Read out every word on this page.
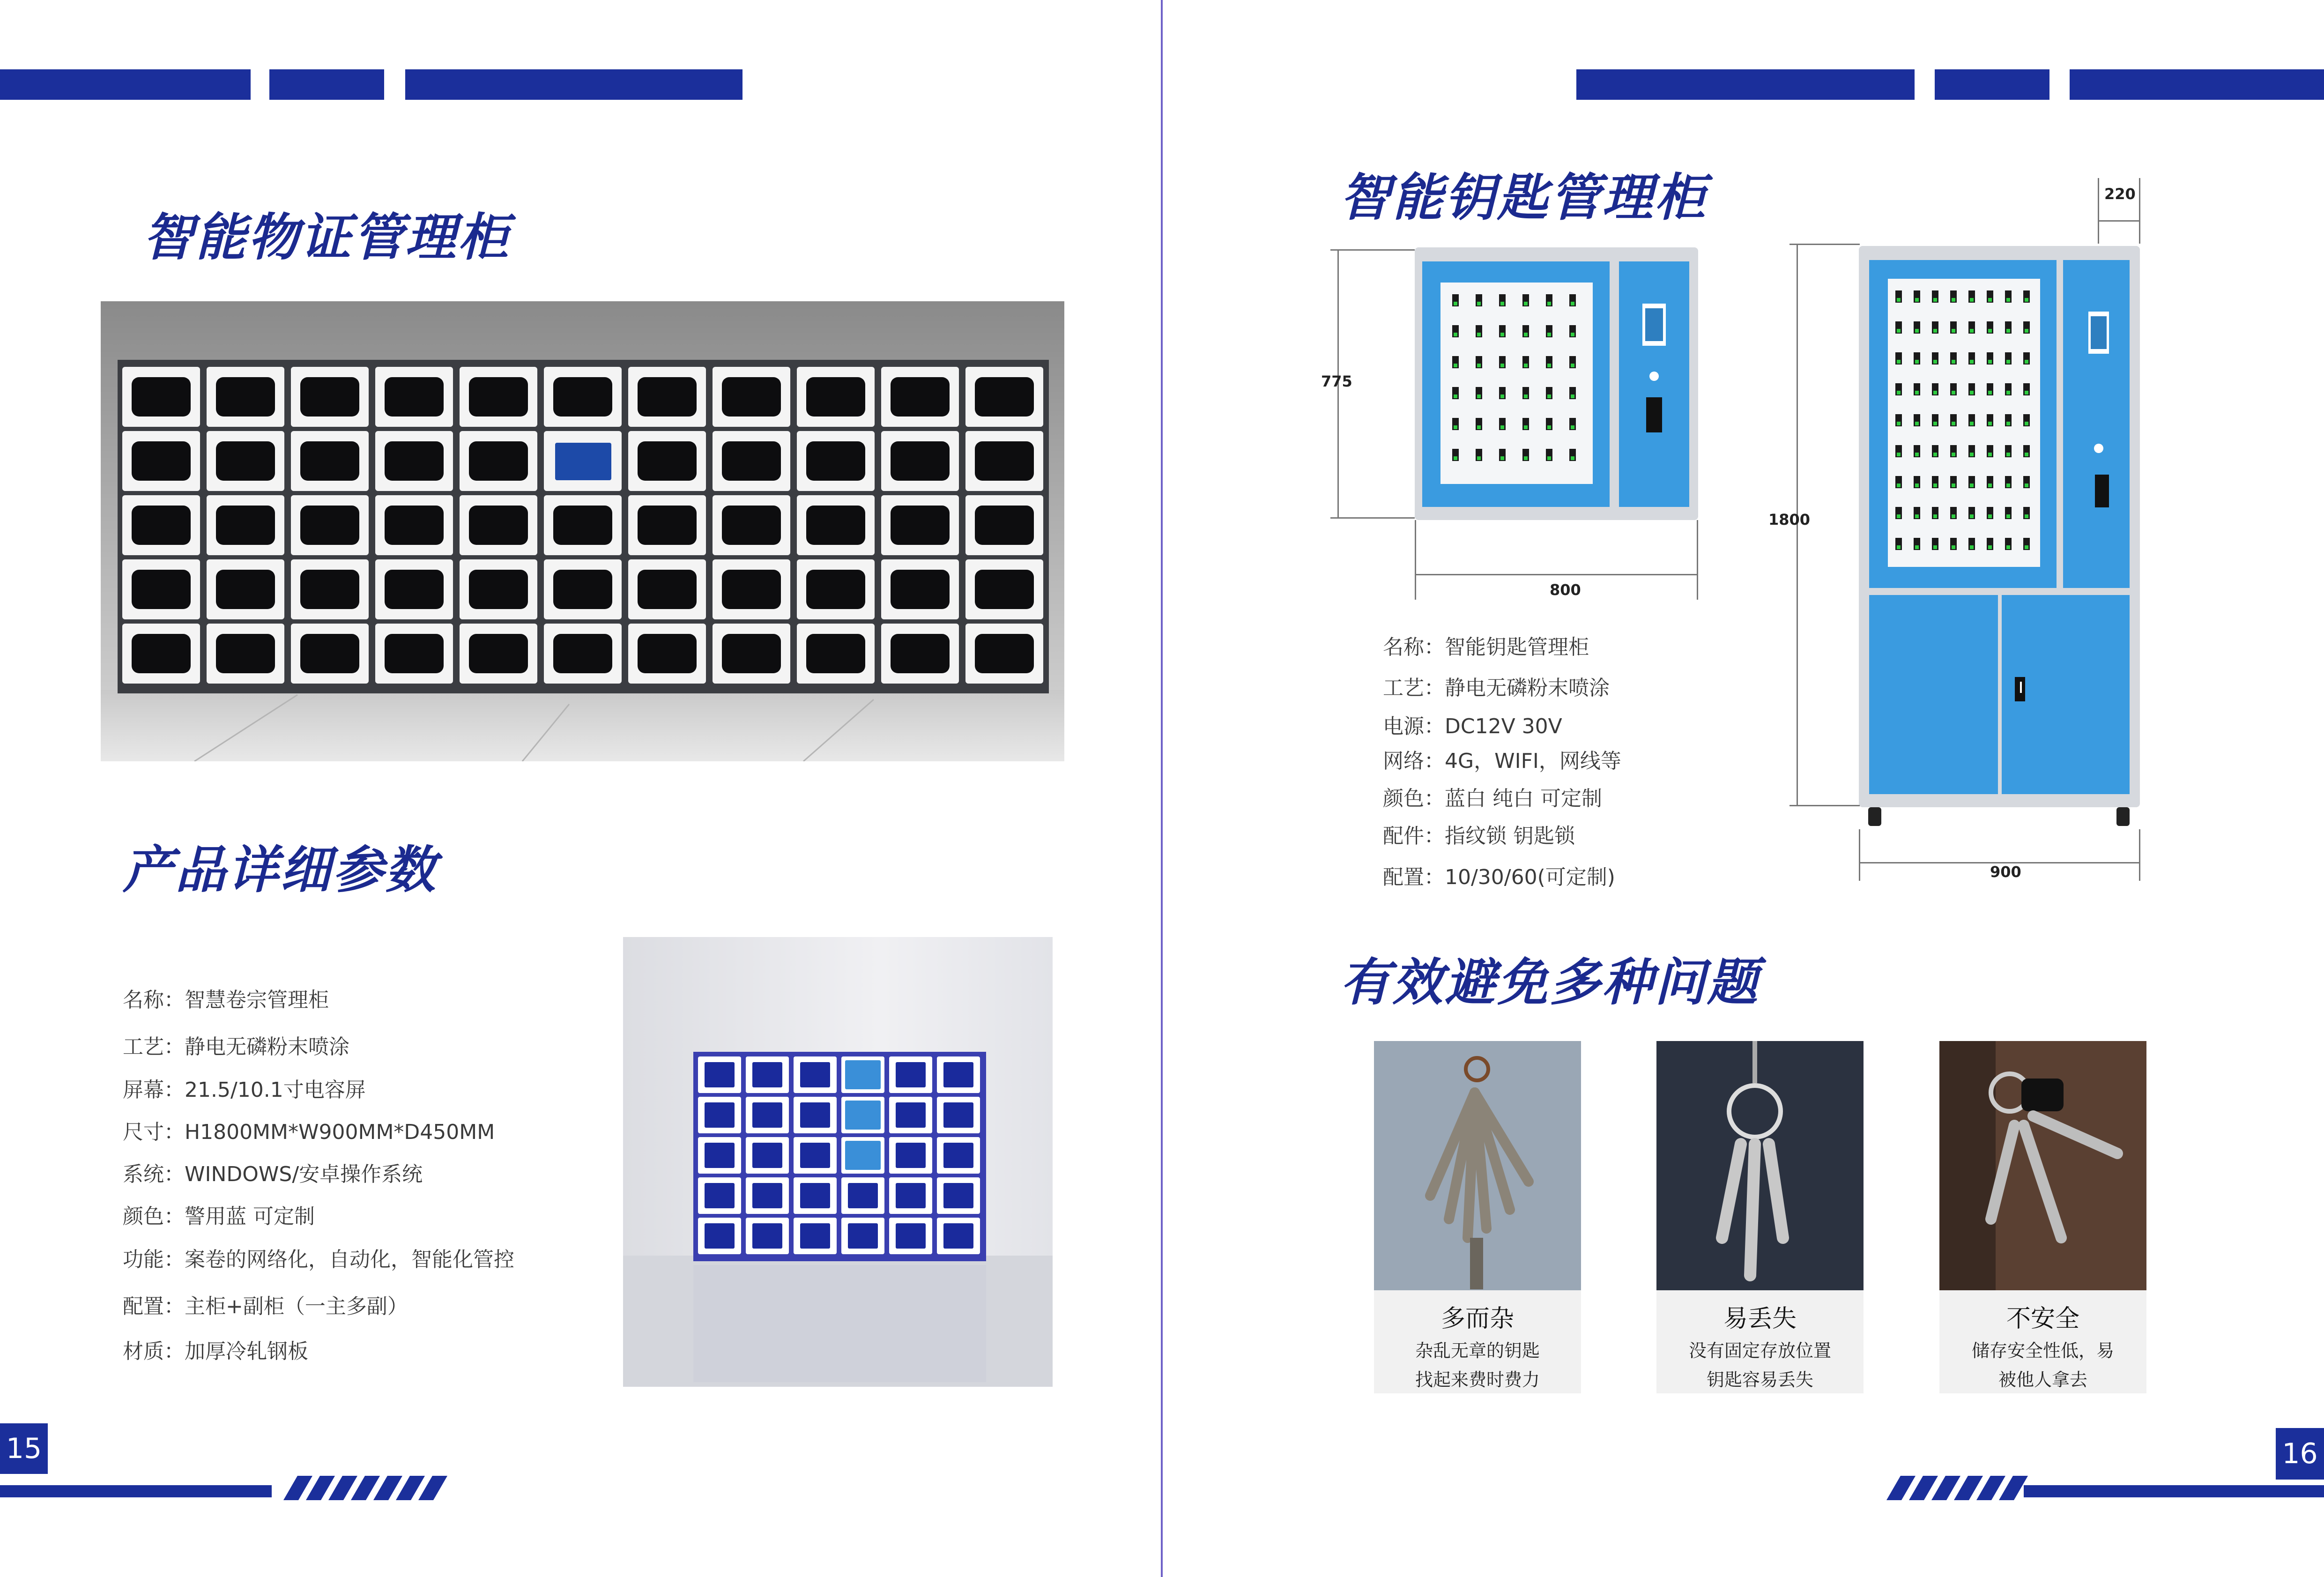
智能物证管理柜
产品详细参数
名称：智慧卷宗管理柜
工艺：静电无磷粉末喷涂
屏幕：21.5/10.1寸电容屏
尺寸：H1800MM*W900MM*D450MM
系统：WINDOWS/安卓操作系统
颜色：警用蓝 可定制
功能：案卷的网络化，自动化，智能化管控
配置：主柜+副柜（一主多副）
材质：加厚冷轧钢板
15
智能钥匙管理柜
775
800
220
1800
900
名称：智能钥匙管理柜
工艺：静电无磷粉末喷涂
电源：DC12V 30V
网络：4G，WIFI，网线等
颜色：蓝白 纯白 可定制
配件：指纹锁 钥匙锁
配置：10/30/60(可定制)
有效避免多种问题
多而杂
杂乱无章的钥匙
找起来费时费力
易丢失
没有固定存放位置
钥匙容易丢失
不安全
储存安全性低，易
被他人拿去
16
